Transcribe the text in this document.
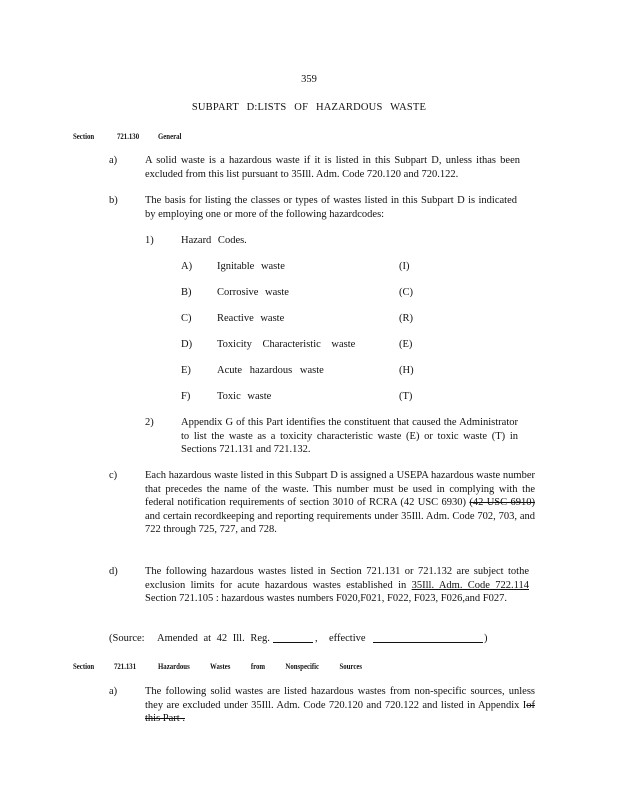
359
SUBPART D:LISTS OF HAZARDOUS WASTE
Section	721.130 General
a)	A solid waste is a hazardous waste if it is listed in this Subpart D, unless ithas been excluded from this list pursuant to 35Ill. Adm. Code 720.120 and 720.122.
b)	The basis for listing the classes or types of wastes listed in this Subpart D is indicated by employing one or more of the following hazardcodes:
1)	Hazard Codes.
A) Ignitable waste	(I)
B) Corrosive waste	(C)
C) Reactive waste	(R)
D) Toxicity Characteristic waste	(E)
E) Acute hazardous waste	(H)
F)	Toxic waste	(T)
2)	Appendix G of this Part identifies the constituent that caused the Administrator to list the waste as a toxicity characteristic waste (E) or toxic waste (T) in Sections 721.131 and 721.132.
c)	Each hazardous waste listed in this Subpart D is assigned a USEPA hazardous waste number that precedes the name of the waste. This number must be used in complying with the federal notification requirements of section 3010 of RCRA (42 USC 6930) (42 USC 6910) and certain recordkeeping and reporting requirements under 35Ill. Adm. Code 702, 703, and 722 through 725, 727, and 728.
d)	The following hazardous wastes listed in Section 721.131 or 721.132 are subject tothe exclusion limits for acute hazardous wastes established in 35Ill. Adm. Code 722.114 Section 721.105 : hazardous wastes numbers F020,F021, F022, F023, F026,and F027.
(Source: Amended at 42 Ill. Reg.	, effective	)
Section 721.131	Hazardous Wastes from Nonspecific Sources
a)	The following solid wastes are listed hazardous wastes from non-specific sources, unless they are excluded under 35Ill. Adm. Code 720.120 and 720.122 and listed in Appendix Iof this Part .
